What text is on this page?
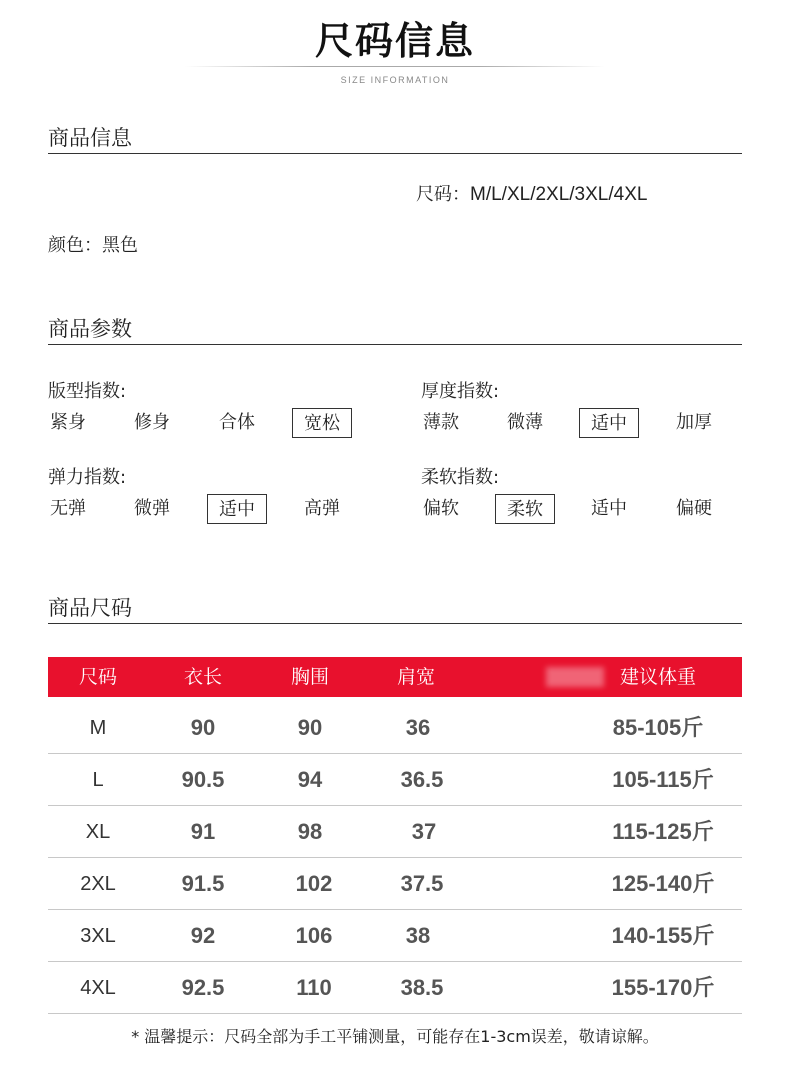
尺码信息
SIZE INFORMATION
商品信息
尺码：M/L/XL/2XL/3XL/4XL
颜色：黑色
商品参数
版型指数:
紧身	修身	合体	宽松
厚度指数:
薄款	微薄	适中	加厚
弹力指数:
无弹	微弹	适中	高弹
柔软指数:
偏软	柔软	适中	偏硬
商品尺码
尺码	衣长	胸围	肩宽	建议体重
M	90	90	36	85-105斤
L	90.5	94	36.5	105-115斤
XL	91	98	37	115-125斤
2XL	91.5	102	37.5	125-140斤
3XL	92	106	38	140-155斤
4XL	92.5	110	38.5	155-170斤
* 温馨提示：尺码全部为手工平铺测量，可能存在1-3cm误差，敬请谅解。
